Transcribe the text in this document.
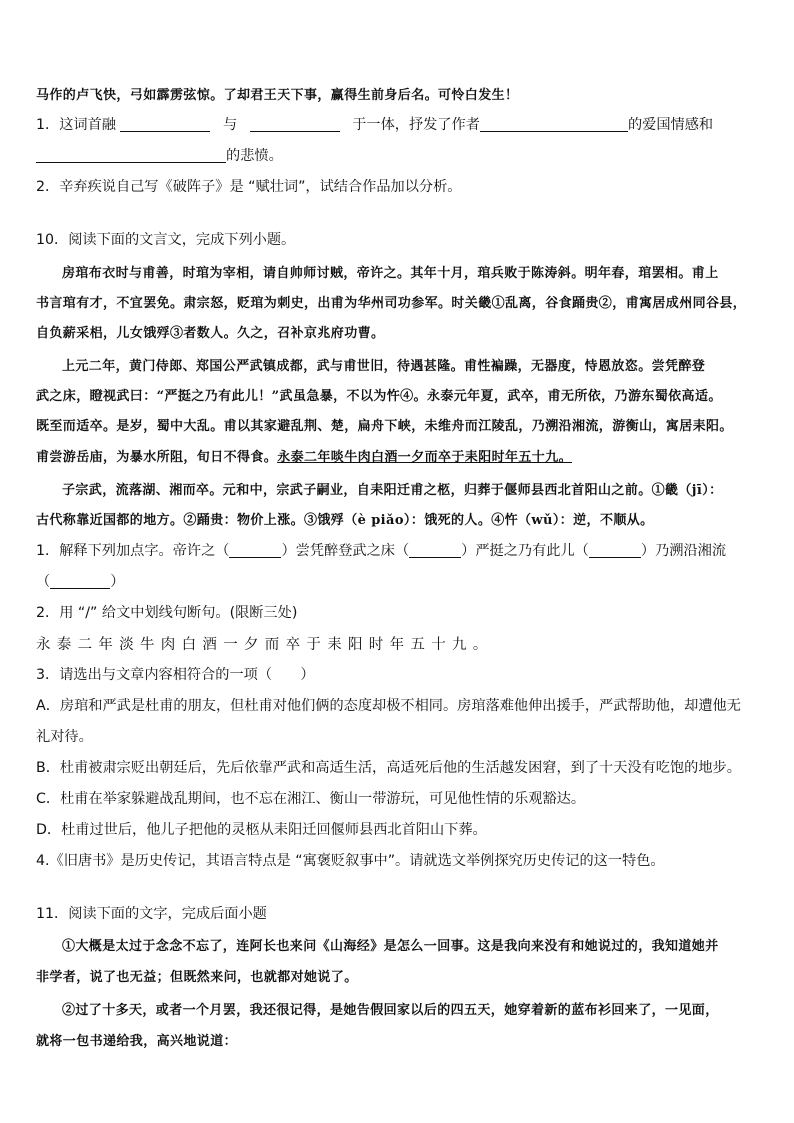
马作的卢飞快，弓如霹雳弦惊。了却君王天下事，赢得生前身后名。可怜白发生！
1．这词首融	与	于一体，抒发了作者	的爱国情感和
的悲愤。
2．辛弃疾说自己写《破阵子》是 “赋壮词”，试结合作品加以分析。
10．阅读下面的文言文，完成下列小题。
房琯布衣时与甫善，时琯为宰相，请自帅师讨贼，帝许之。其年十月，琯兵败于陈涛斜。明年春，琯罢相。甫上
书言琯有才，不宜罢免。肃宗怒，贬琯为刺史，出甫为华州司功参军。时关畿①乱离，谷食踊贵②，甫寓居成州同谷县，
自负薪采梠，儿女饿殍③者数人。久之，召补京兆府功曹。
上元二年，黄门侍郎、郑国公严武镇成都，武与甫世旧，待遇甚隆。甫性褊躁，无器度，恃恩放恣。尝凭醉登
武之床，瞪视武曰：“严挺之乃有此儿！”武虽急暴，不以为忤④。永泰元年夏，武卒，甫无所依，乃游东蜀依高适。
既至而适卒。是岁，蜀中大乱。甫以其家避乱荆、楚，扁舟下峡，未维舟而江陵乱，乃溯沿湘流，游衡山，寓居耒阳。
甫尝游岳庙，为暴水所阻，旬日不得食。永泰二年啖牛肉白酒一夕而卒于耒阳时年五十九。
子宗武，流落湖、湘而卒。元和中，宗武子嗣业，自耒阳迁甫之柩，归葬于偃师县西北首阳山之前。①畿（jī）：
古代称靠近国都的地方。②踊贵：物价上涨。③饿殍（è piǎo）：饿死的人。④忤（wǔ）：逆，不顺从。
1．解释下列加点字。帝许之（	）尝凭醉登武之床（	）严挺之乃有此儿（	）乃溯沿湘流
（	）
2．用 “/” 给文中划线句断句。(限断三处)
永泰二年淡牛肉白酒一夕而卒于耒阳时年五十九。
3．请选出与文章内容相符合的一项（　　）
A．房琯和严武是杜甫的朋友，但杜甫对他们俩的态度却极不相同。房琯落难他伸出援手，严武帮助他，却遭他无
礼对待。
B．杜甫被肃宗贬出朝廷后，先后依靠严武和高适生活，高适死后他的生活越发困窘，到了十天没有吃饱的地步。
C．杜甫在举家躲避战乱期间，也不忘在湘江、衡山一带游玩，可见他性情的乐观豁达。
D．杜甫过世后，他儿子把他的灵柩从耒阳迁回偃师县西北首阳山下葬。
4.《旧唐书》是历史传记，其语言特点是 “寓褒贬叙事中”。请就选文举例探究历史传记的这一特色。
11．阅读下面的文字，完成后面小题
①大概是太过于念念不忘了，连阿长也来问《山海经》是怎么一回事。这是我向来没有和她说过的，我知道她并
非学者，说了也无益；但既然来问，也就都对她说了。
②过了十多天，或者一个月罢，我还很记得，是她告假回家以后的四五天，她穿着新的蓝布衫回来了，一见面，
就将一包书递给我，高兴地说道：
